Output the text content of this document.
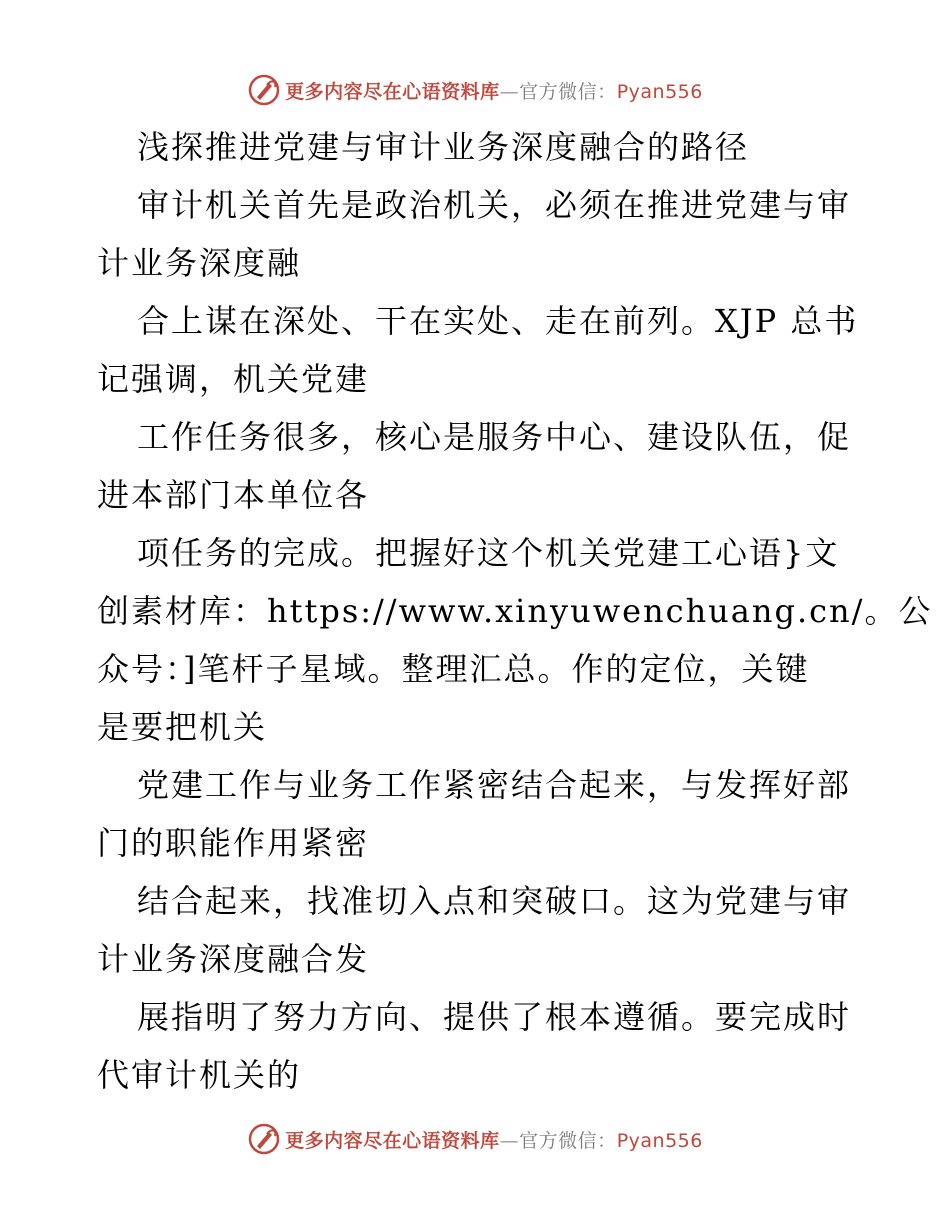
更多内容尽在心语资料库—官方微信：Pyan556
浅探推进党建与审计业务深度融合的路径
审计机关首先是政治机关，必须在推进党建与审
计业务深度融
合上谋在深处、干在实处、走在前列。XJP 总书
记强调，机关党建
工作任务很多，核心是服务中心、建设队伍，促
进本部门本单位各
项任务的完成。把握好这个机关党建工心语}文
创素材库：https://www.xinyuwenchuang.cn/。公
众号：]笔杆子星域。整理汇总。作的定位，关键
是要把机关
党建工作与业务工作紧密结合起来，与发挥好部
门的职能作用紧密
结合起来，找准切入点和突破口。这为党建与审
计业务深度融合发
展指明了努力方向、提供了根本遵循。要完成时
代审计机关的
更多内容尽在心语资料库—官方微信：Pyan556
